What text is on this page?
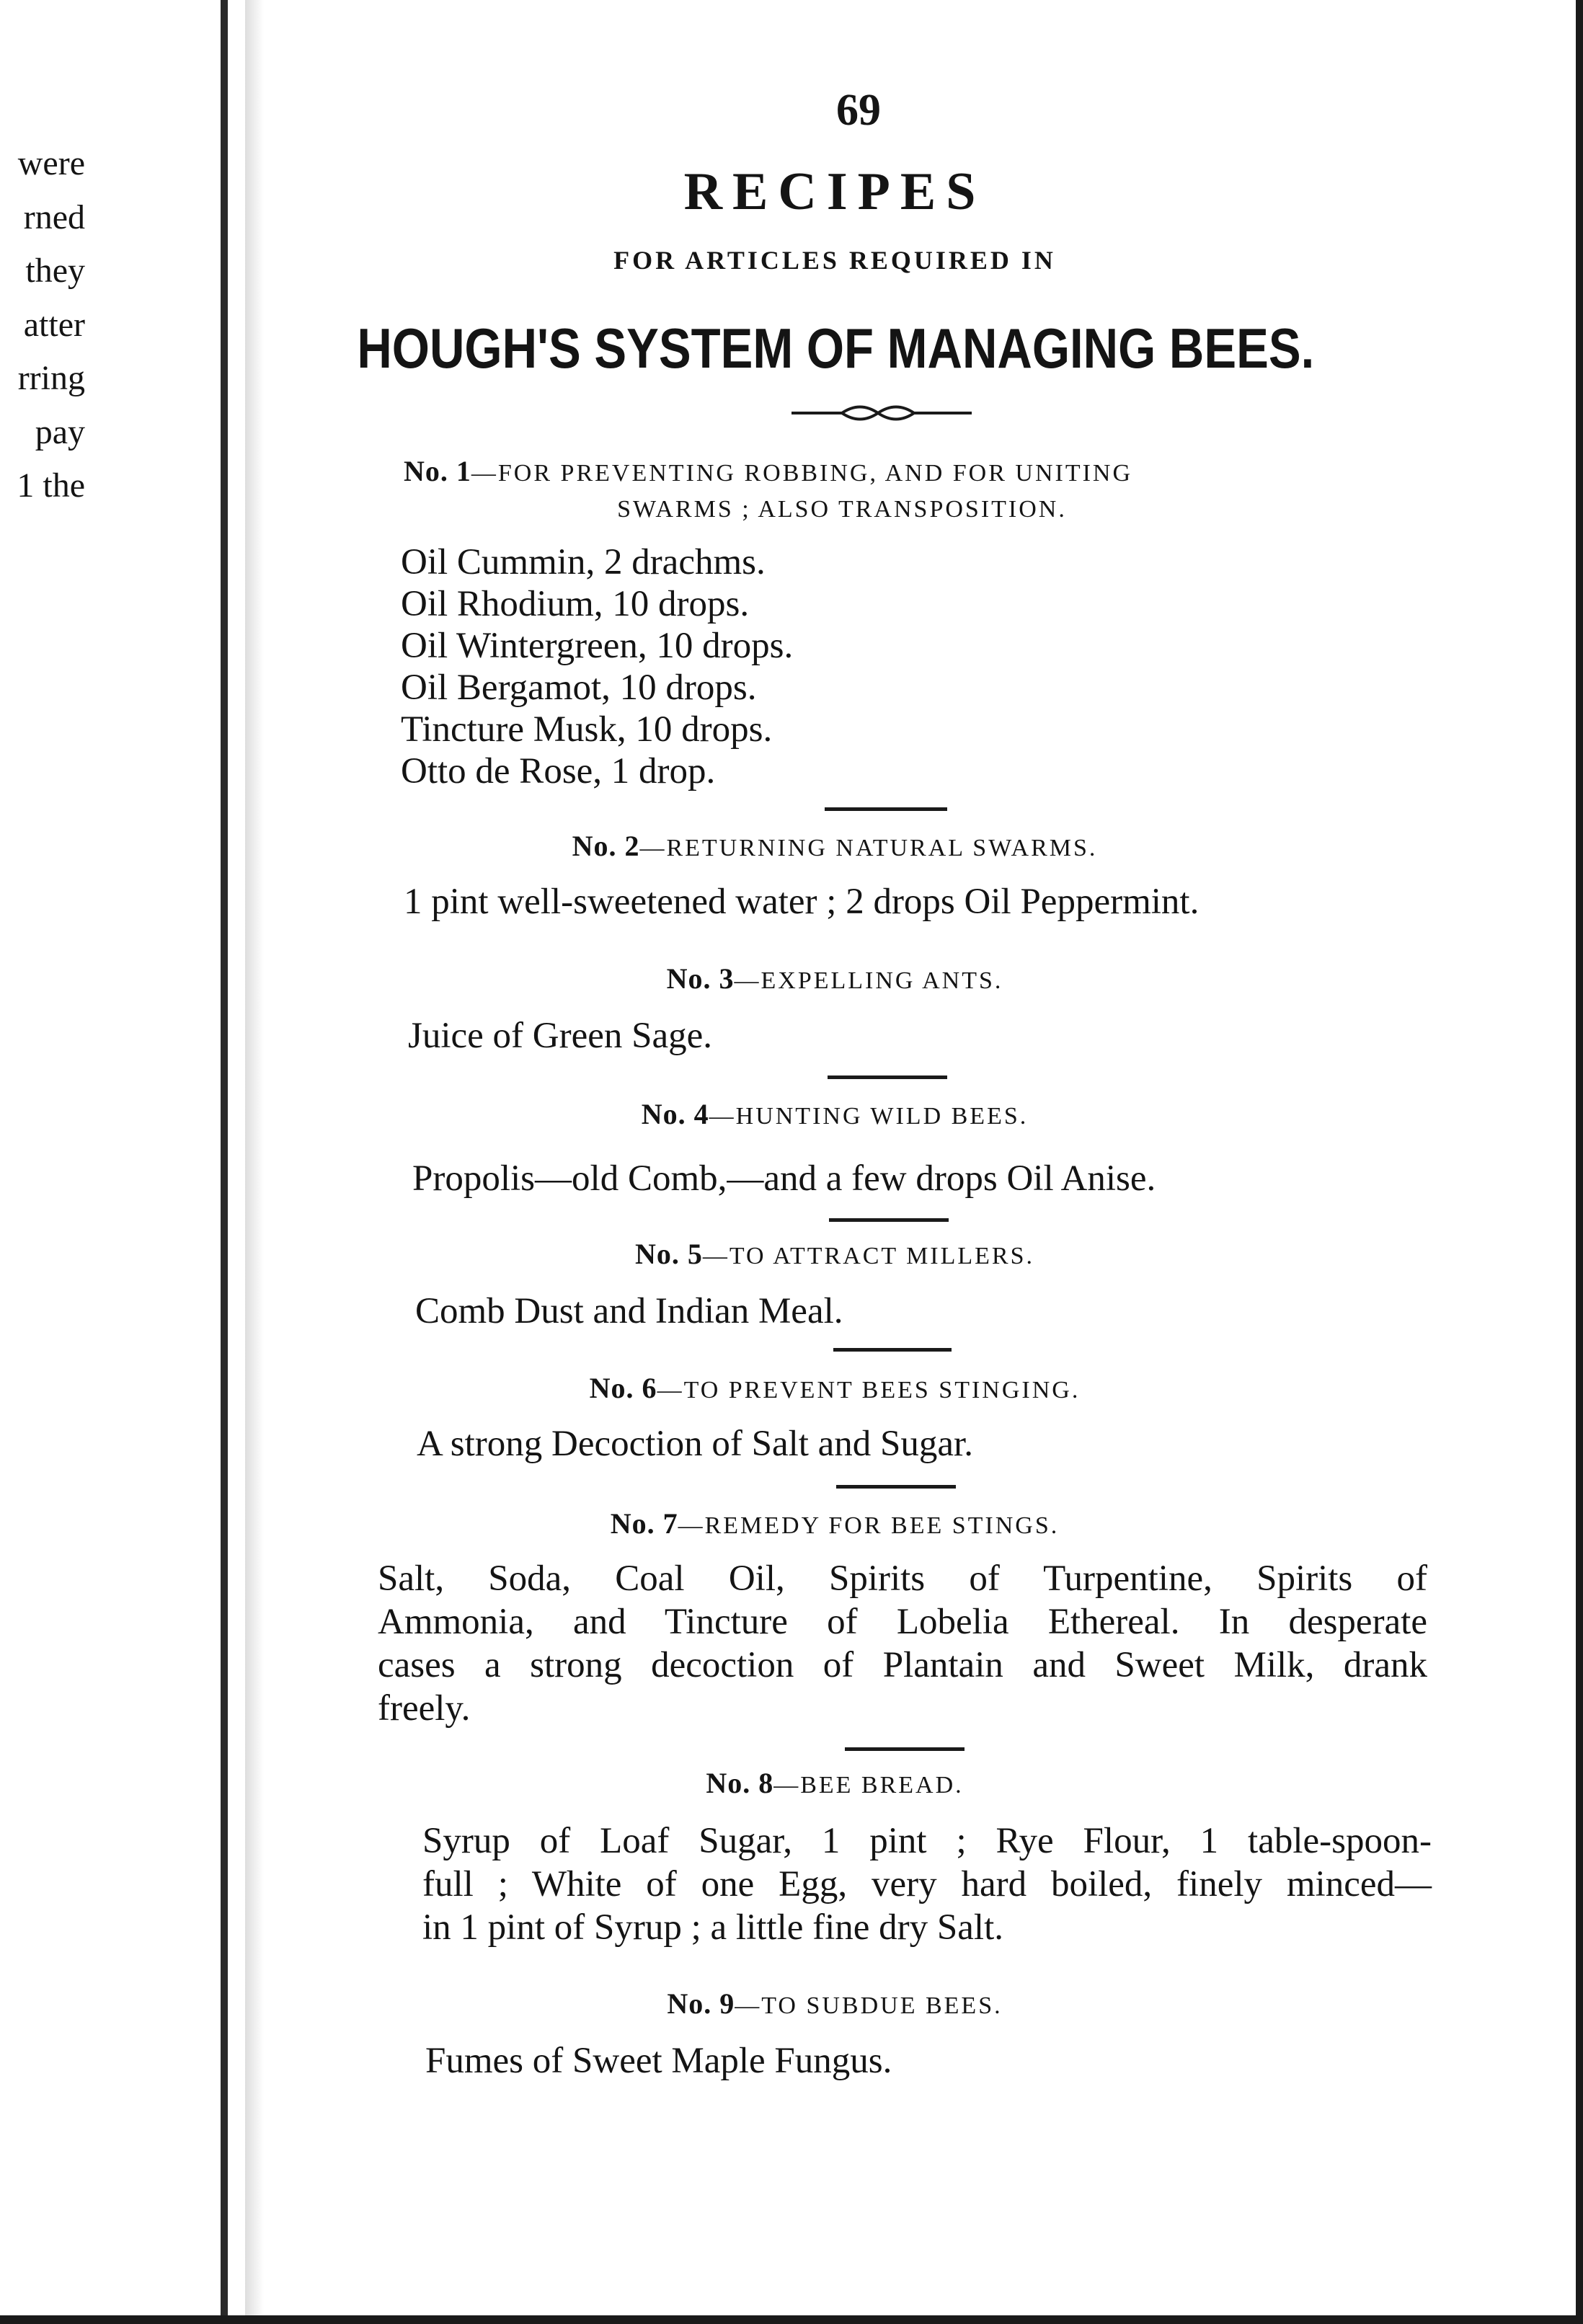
were
rned
they
atter
rring
pay
1 the
69
RECIPES
FOR ARTICLES REQUIRED IN
HOUGH'S SYSTEM OF MANAGING BEES.
No. 1—FOR PREVENTING ROBBING, AND FOR UNITING
SWARMS ; ALSO TRANSPOSITION.
Oil Cummin, 2 drachms.
Oil Rhodium, 10 drops.
Oil Wintergreen, 10 drops.
Oil Bergamot, 10 drops.
Tincture Musk, 10 drops.
Otto de Rose, 1 drop.
No. 2—RETURNING NATURAL SWARMS.
1 pint well-sweetened water ; 2 drops Oil Peppermint.
No. 3—EXPELLING ANTS.
Juice of Green Sage.
No. 4—HUNTING WILD BEES.
Propolis—old Comb,—and a few drops Oil Anise.
No. 5—TO ATTRACT MILLERS.
Comb Dust and Indian Meal.
No. 6—TO PREVENT BEES STINGING.
A strong Decoction of Salt and Sugar.
No. 7—REMEDY FOR BEE STINGS.
Salt, Soda, Coal Oil, Spirits of Turpentine, Spirits of
Ammonia, and Tincture of Lobelia Ethereal. In desperate
cases a strong decoction of Plantain and Sweet Milk, drank
freely.
No. 8—BEE BREAD.
Syrup of Loaf Sugar, 1 pint ; Rye Flour, 1 table-spoon-
full ; White of one Egg, very hard boiled, finely minced—
in 1 pint of Syrup ; a little fine dry Salt.
No. 9—TO SUBDUE BEES.
Fumes of Sweet Maple Fungus.
